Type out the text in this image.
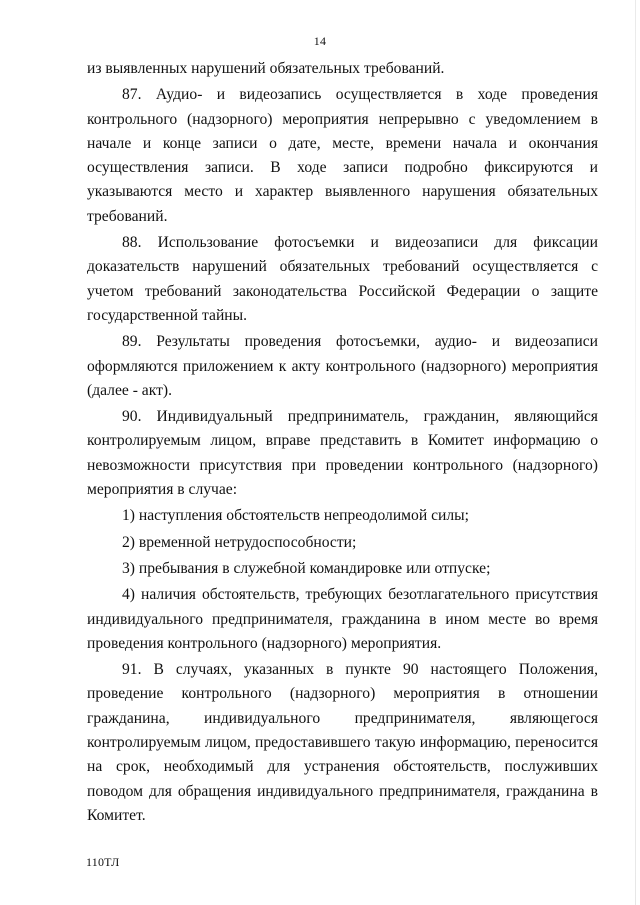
14

из выявленных нарушений обязательных требований.

87. Аудио- и видеозапись осуществляется в ходе проведения контрольного (надзорного) мероприятия непрерывно с уведомлением в начале и конце записи о дате, месте, времени начала и окончания осуществления записи. В ходе записи подробно фиксируются и указываются место и характер выявленного нарушения обязательных требований.

88. Использование фотосъемки и видеозаписи для фиксации доказательств нарушений обязательных требований осуществляется с учетом требований законодательства Российской Федерации о защите государственной тайны.

89. Результаты проведения фотосъемки, аудио- и видеозаписи оформляются приложением к акту контрольного (надзорного) мероприятия (далее - акт).

90. Индивидуальный предприниматель, гражданин, являющийся контролируемым лицом, вправе представить в Комитет информацию о невозможности присутствия при проведении контрольного (надзорного) мероприятия в случае:

1) наступления обстоятельств непреодолимой силы;

2) временной нетрудоспособности;

3) пребывания в служебной командировке или отпуске;

4) наличия обстоятельств, требующих безотлагательного присутствия индивидуального предпринимателя, гражданина в ином месте во время проведения контрольного (надзорного) мероприятия.

91. В случаях, указанных в пункте 90 настоящего Положения, проведение контрольного (надзорного) мероприятия в отношении гражданина, индивидуального предпринимателя, являющегося контролируемым лицом, предоставившего такую информацию, переносится на срок, необходимый для устранения обстоятельств, послуживших поводом для обращения индивидуального предпринимателя, гражданина в Комитет.

110ТЛ
